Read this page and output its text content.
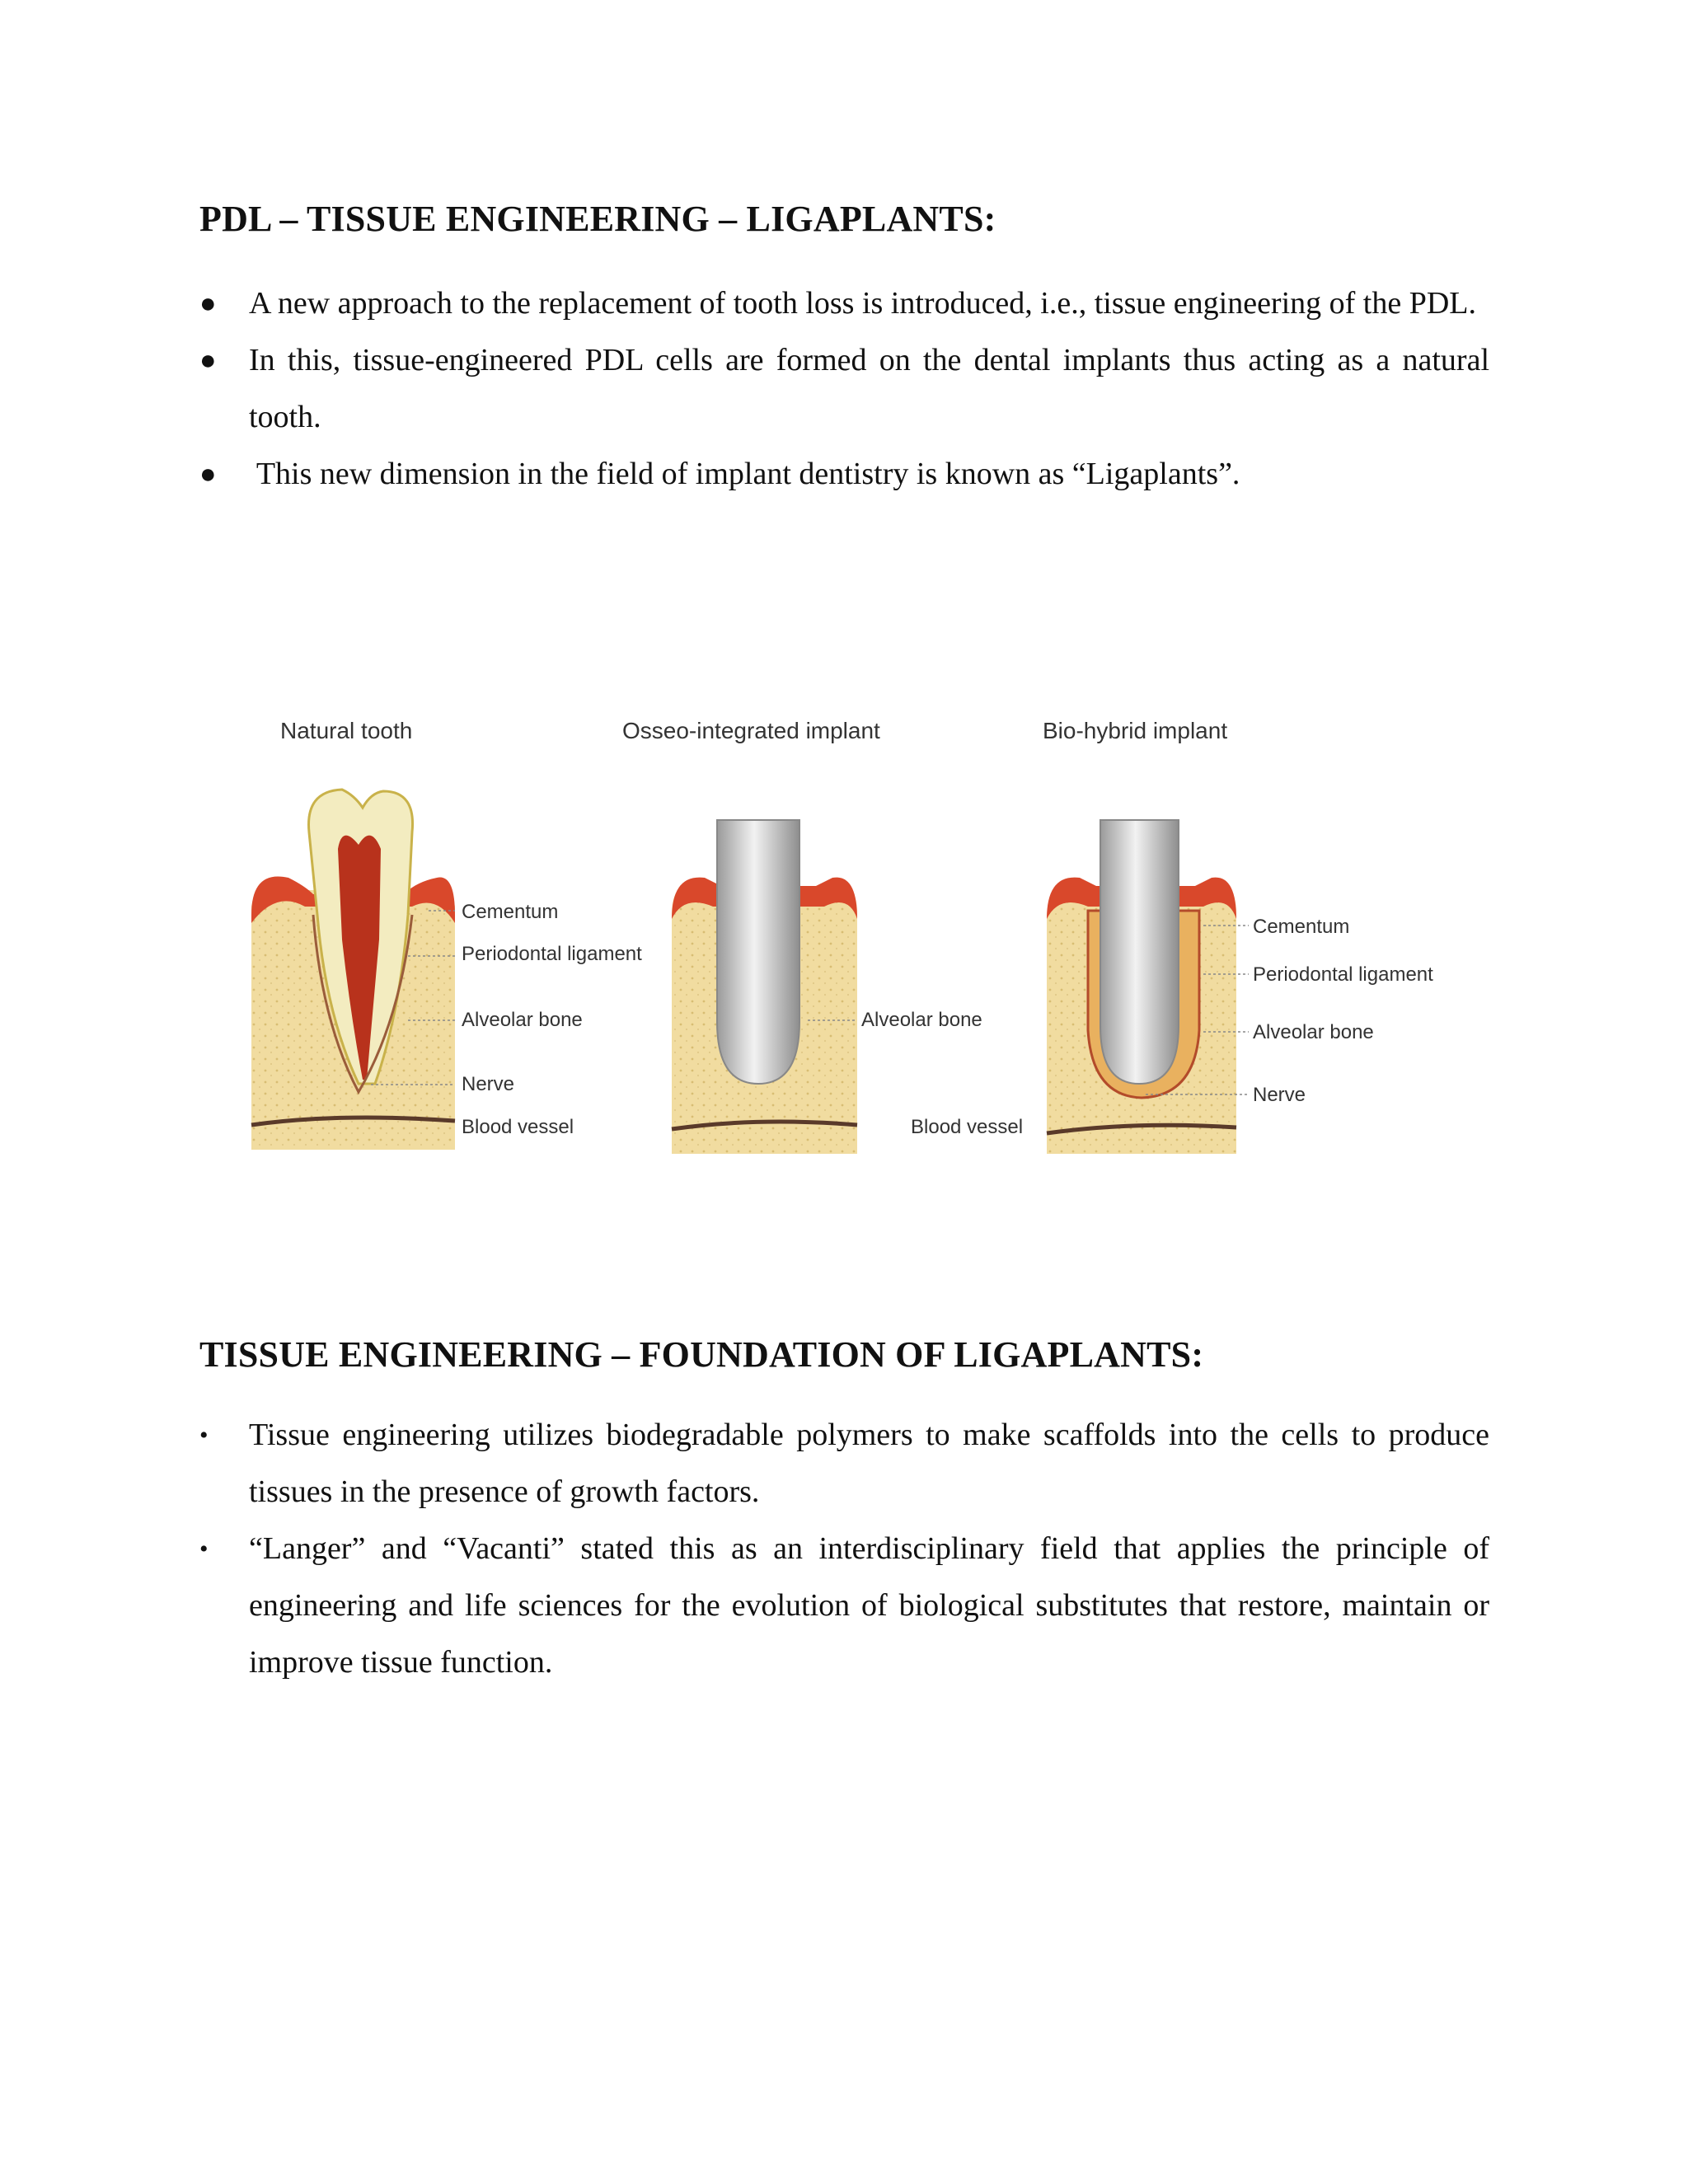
PDL – TISSUE ENGINEERING – LIGAPLANTS:
● A new approach to the replacement of tooth loss is introduced, i.e., tissue engineering of the PDL.
● In this, tissue-engineered PDL cells are formed on the dental implants thus acting as a natural tooth.
● This new dimension in the field of implant dentistry is known as “Ligaplants”.
Natural tooth
Cementum
Periodontal ligament
Alveolar bone
Nerve
Blood vessel
Osseo-integrated implant
Alveolar bone
Blood vessel
Bio-hybrid implant
Cementum
Periodontal ligament
Alveolar bone
Nerve
TISSUE ENGINEERING – FOUNDATION OF LIGAPLANTS:
• Tissue engineering utilizes biodegradable polymers to make scaffolds into the cells to produce tissues in the presence of growth factors.
• “Langer” and “Vacanti” stated this as an interdisciplinary field that applies the principle of engineering and life sciences for the evolution of biological substitutes that restore, maintain or improve tissue function.
